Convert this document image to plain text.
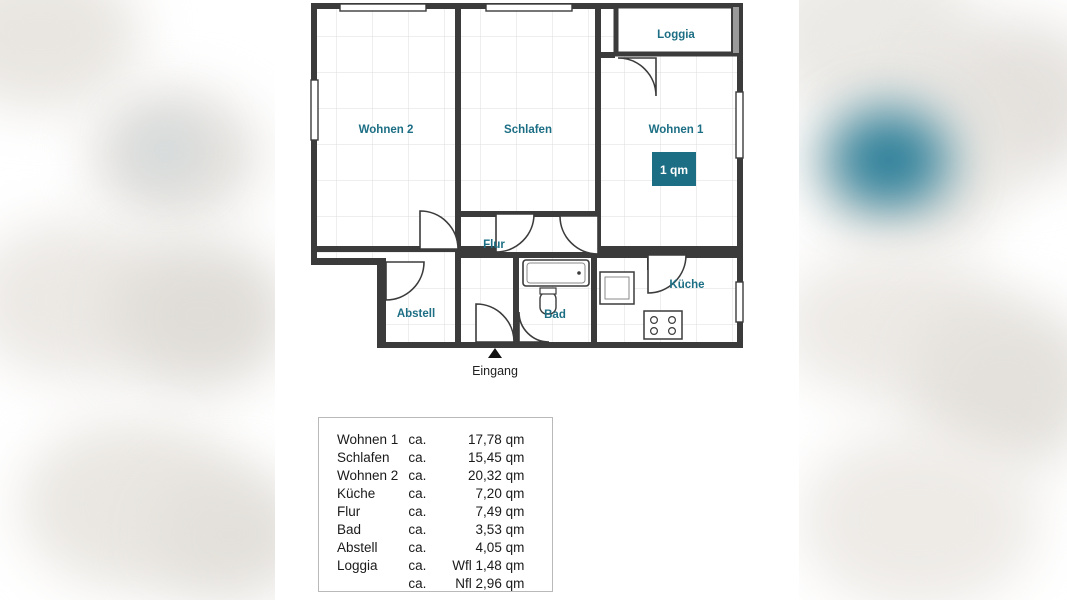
1 qm
Wohnen 2	Schlafen	Wohnen 1
Loggia
Flur
Küche
Bad
Abstell
Eingang
Wohnen 1	ca.	17,78 qm
Schlafen	ca.	15,45 qm
Wohnen 2	ca.	20,32 qm
Küche	ca.	7,20 qm
Flur	ca.	7,49 qm
Bad	ca.	3,53 qm
Abstell	ca.	4,05 qm
Loggia	ca.	Wfl 1,48 qm
	ca.	Nfl 2,96 qm
